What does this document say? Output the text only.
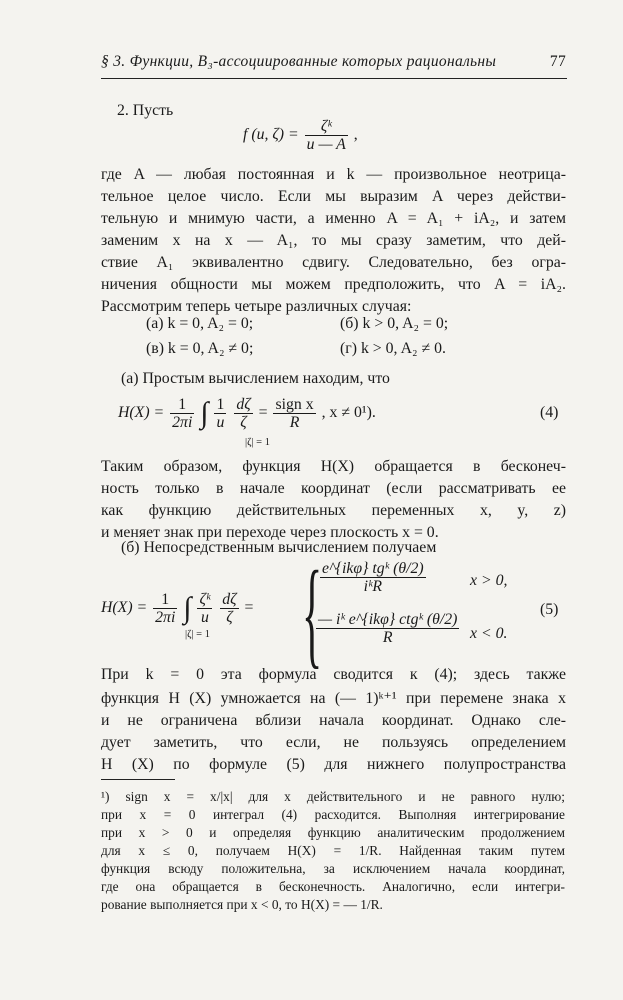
§ 3. Функции, B₃-ассоциированные которых рациональны	77
2. Пусть
f (u, $\zeta) = \frac{\text{ζᵏ}}{u — A}$ ,
где A — любая постоянная и k — произвольное неотрица-
тельное целое число. Если мы выразим A через действи-
тельную и мнимую части, а именно A = A₁ + iA₂, и затем
заменим x на x — A₁, то мы сразу заметим, что дей-
ствие A₁ эквивалентно сдвигу. Следовательно, без огра-
ничения общности мы можем предположить, что A = iA₂.
Рассмотрим теперь четыре различных случая:
(а) k = 0, A₂ = 0;	(б) k > 0, A₂ = 0;
(в) k = 0, A₂ ≠ 0;	(г) k > 0, A₂ ≠ 0.
(а) Простым вычислением находим, что
$H(X) = \frac{1}{2\pi i}$ ∫ $\frac{1}{u}$
$\frac{d\zeta}{\zeta} = \frac{\text{sign x}}{R}$ , x ≠ 0¹).
|ζ| = 1
(4)
Таким образом, функция H(X) обращается в бесконеч-
ность только в начале координат (если рассматривать ее
как функцию действительных переменных x, y, z)
и меняет знак при переходе через плоскость x = 0.
(б) Непосредственным вычислением получаем
$H(X) = \frac{1}{2\pi i}$ ∫ $\frac{\text{ζᵏ}}{u}$
$\frac{d\zeta}{\zeta}$ =
|ζ| = 1 {
$\frac{\text{e\textasciicircum{}\{ikφ\} tgᵏ (θ/2)}}{\text{iᵏR}}$	x > 0,
$\frac{\text{— iᵏ e\textasciicircum{}\{ikφ\} ctgᵏ (θ/2)}}{R}$ x < 0.
(5)
При k = 0 эта формула сводится к (4); здесь также
функция H (X) умножается на (— 1)ᵏ⁺¹ при перемене знака x
и не ограничена вблизи начала координат. Однако сле-
дует заметить, что если, не пользуясь определением
H (X) по формуле (5) для нижнего полупространства
¹) sign x = x/|x| для x действительного и не равного нулю;
при x = 0 интеграл (4) расходится. Выполняя интегрирование
при x > 0 и определяя функцию аналитическим продолжением
для x ≤ 0, получаем H(X) = 1/R. Найденная таким путем
функция всюду положительна, за исключением начала координат,
где она обращается в бесконечность. Аналогично, если интегри-
рование выполняется при x < 0, то H(X) = — 1/R.
